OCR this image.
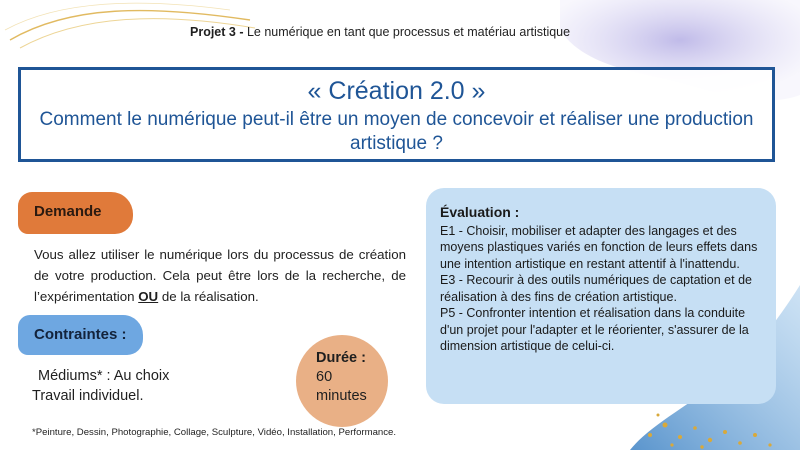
Projet 3 - Le numérique en tant que processus et matériau artistique
« Création 2.0 »
Comment le numérique peut-il être un moyen de concevoir et réaliser une production artistique ?
Demande
Vous allez utiliser le numérique lors du processus de création de votre production. Cela peut être lors de la recherche, de l’expérimentation OU de la réalisation.
Contraintes :
Médiums* : Au choix
Travail individuel.
Durée :
60
minutes
*Peinture, Dessin, Photographie, Collage, Sculpture, Vidéo, Installation, Performance.
Évaluation :
E1 - Choisir, mobiliser et adapter des langages et des moyens plastiques variés en fonction de leurs effets dans une intention artistique en restant attentif à l'inattendu.
E3 - Recourir à des outils numériques de captation et de réalisation à des fins de création artistique.
P5 - Confronter intention et réalisation dans la conduite d'un projet pour l'adapter et le réorienter, s'assurer de la dimension artistique de celui-ci.
